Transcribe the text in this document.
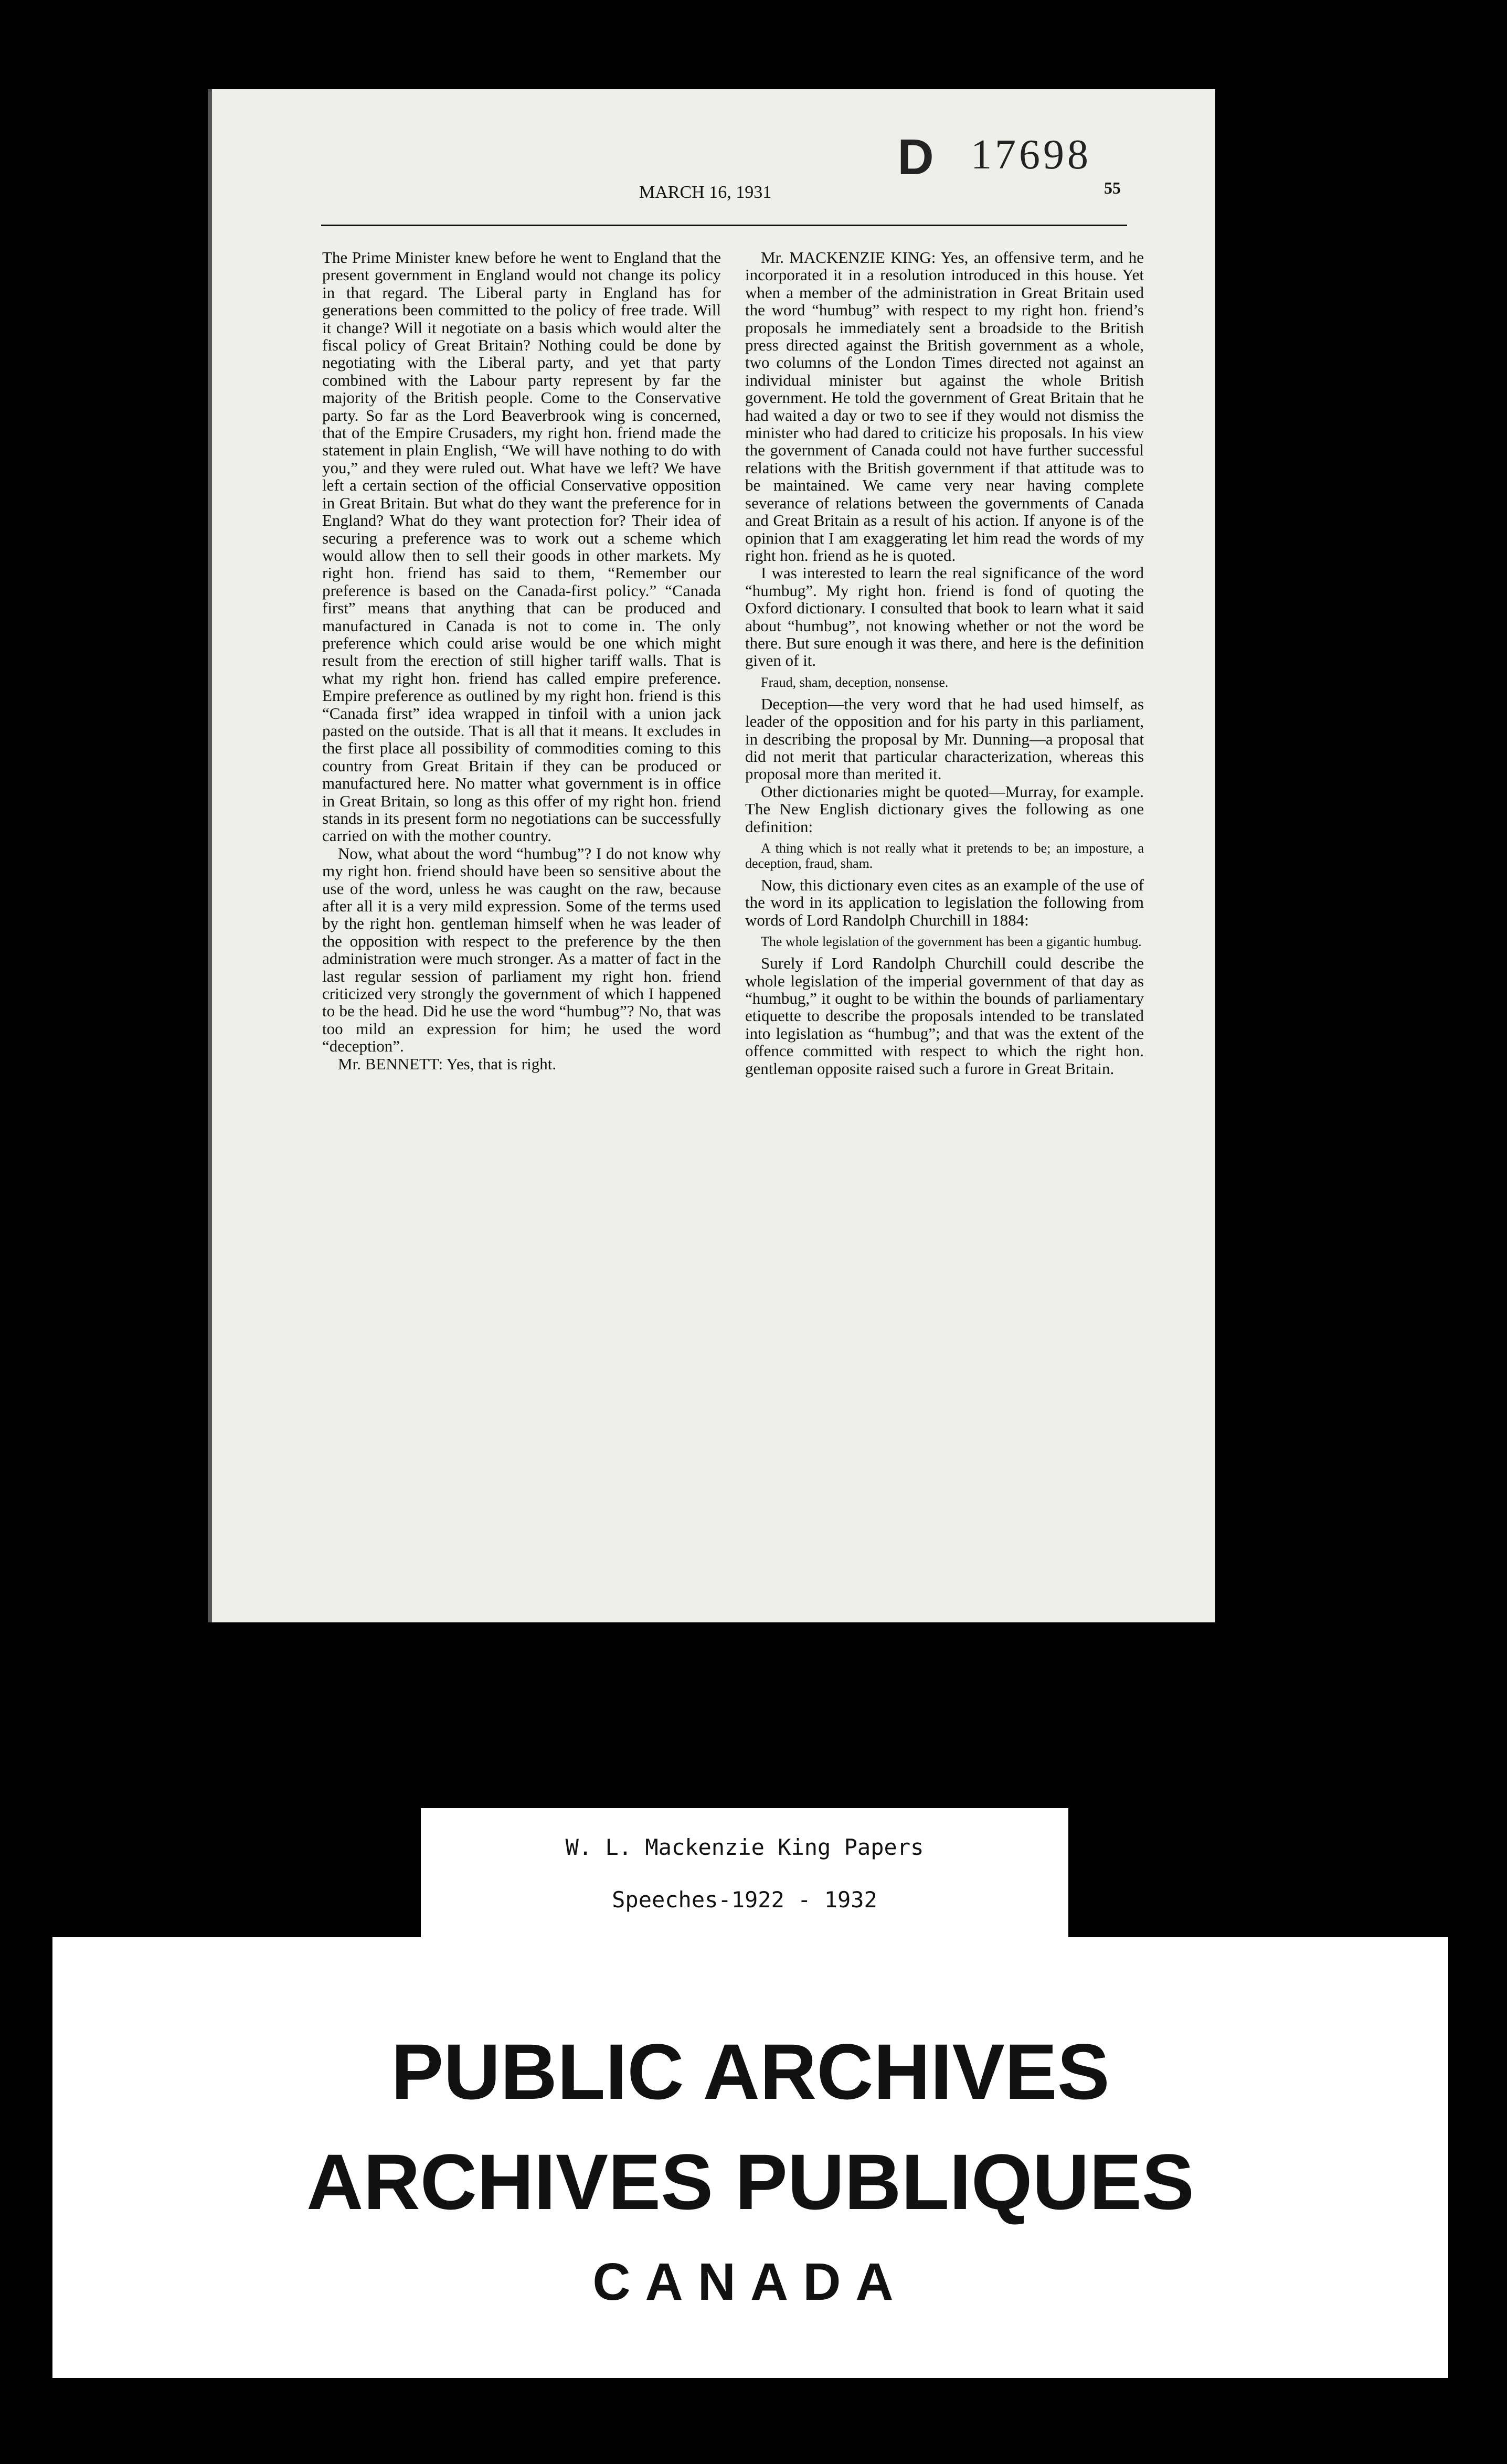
D 17698
MARCH 16, 1931	55

The Prime Minister knew before he went to England that the present government in England would not change its policy in that regard. The Liberal party in England has for generations been committed to the policy of free trade. Will it change? Will it negotiate on a basis which would alter the fiscal policy of Great Britain? Nothing could be done by negotiating with the Liberal party, and yet that party combined with the Labour party represent by far the majority of the British people. Come to the Conservative party. So far as the Lord Beaverbrook wing is concerned, that of the Empire Crusaders, my right hon. friend made the statement in plain English, “We will have nothing to do with you,” and they were ruled out. What have we left? We have left a certain section of the official Conservative opposition in Great Britain. But what do they want the preference for in England? What do they want protection for? Their idea of securing a preference was to work out a scheme which would allow then to sell their goods in other markets. My right hon. friend has said to them, “Remember our preference is based on the Canada-first policy.” “Canada first” means that anything that can be produced and manufactured in Canada is not to come in. The only preference which could arise would be one which might result from the erection of still higher tariff walls. That is what my right hon. friend has called empire preference. Empire preference as outlined by my right hon. friend is this “Canada first” idea wrapped in tinfoil with a union jack pasted on the outside. That is all that it means. It excludes in the first place all possibility of commodities coming to this country from Great Britain if they can be produced or manufactured here. No matter what government is in office in Great Britain, so long as this offer of my right hon. friend stands in its present form no negotiations can be successfully carried on with the mother country.

Now, what about the word “humbug”? I do not know why my right hon. friend should have been so sensitive about the use of the word, unless he was caught on the raw, because after all it is a very mild expression. Some of the terms used by the right hon. gentleman himself when he was leader of the opposition with respect to the preference by the then administration were much stronger. As a matter of fact in the last regular session of parliament my right hon. friend criticized very strongly the government of which I happened to be the head. Did he use the word “humbug”? No, that was too mild an expression for him; he used the word “deception”.

Mr. BENNETT: Yes, that is right.

Mr. MACKENZIE KING: Yes, an offensive term, and he incorporated it in a resolution introduced in this house. Yet when a member of the administration in Great Britain used the word “humbug” with respect to my right hon. friend’s proposals he immediately sent a broadside to the British press directed against the British government as a whole, two columns of the London Times directed not against an individual minister but against the whole British government. He told the government of Great Britain that he had waited a day or two to see if they would not dismiss the minister who had dared to criticize his proposals. In his view the government of Canada could not have further successful relations with the British government if that attitude was to be maintained. We came very near having complete severance of relations between the governments of Canada and Great Britain as a result of his action. If anyone is of the opinion that I am exaggerating let him read the words of my right hon. friend as he is quoted.

I was interested to learn the real significance of the word “humbug”. My right hon. friend is fond of quoting the Oxford dictionary. I consulted that book to learn what it said about “humbug”, not knowing whether or not the word be there. But sure enough it was there, and here is the definition given of it.

Fraud, sham, deception, nonsense.

Deception—the very word that he had used himself, as leader of the opposition and for his party in this parliament, in describing the proposal by Mr. Dunning—a proposal that did not merit that particular characterization, whereas this proposal more than merited it.

Other dictionaries might be quoted—Murray, for example. The New English dictionary gives the following as one definition:

A thing which is not really what it pretends to be; an imposture, a deception, fraud, sham.

Now, this dictionary even cites as an example of the use of the word in its application to legislation the following from words of Lord Randolph Churchill in 1884:

The whole legislation of the government has been a gigantic humbug.

Surely if Lord Randolph Churchill could describe the whole legislation of the imperial government of that day as “humbug,” it ought to be within the bounds of parliamentary etiquette to describe the proposals intended to be translated into legislation as “humbug”; and that was the extent of the offence committed with respect to which the right hon. gentleman opposite raised such a furore in Great Britain.

W. L. Mackenzie King Papers
Speeches-1922 - 1932
PUBLIC ARCHIVES
ARCHIVES PUBLIQUES
CANADA
